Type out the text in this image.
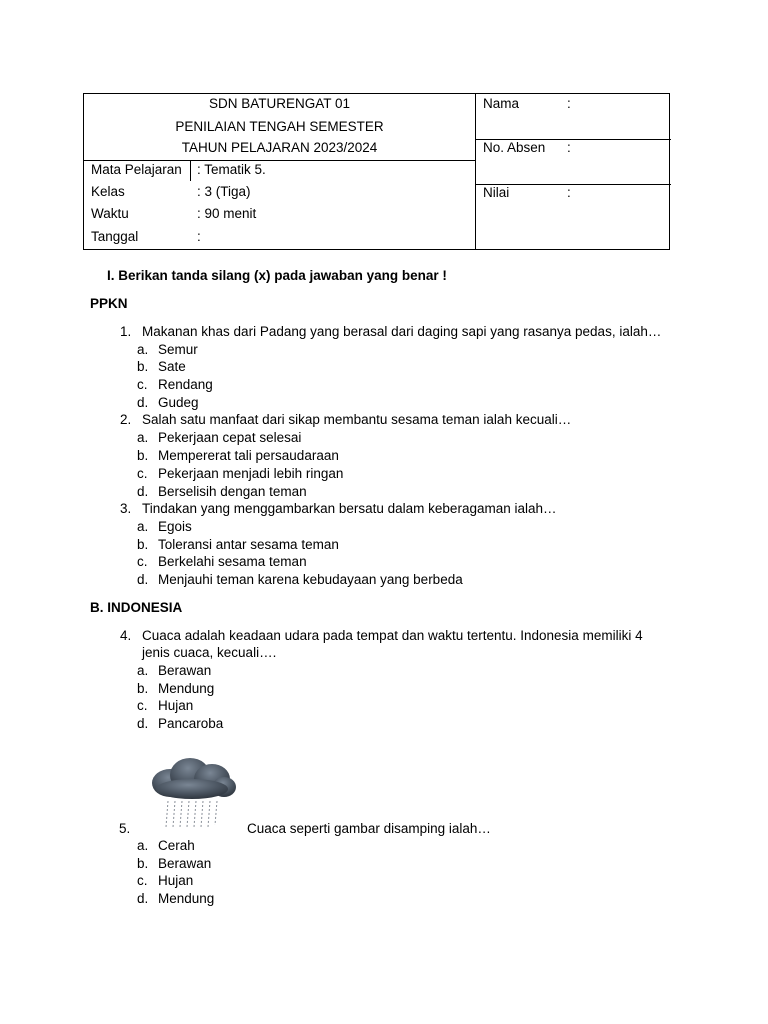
SDN BATURENGAT 01
PENILAIAN TENGAH SEMESTER
TAHUN PELAJARAN 2023/2024
Mata Pelajaran : Tematik 5.
Kelas	: 3 (Tiga)
Waktu	: 90 menit
Tanggal	:
Nama	:
No. Absen :
Nilai	:
I. Berikan tanda silang (x) pada jawaban yang benar !
PPKN
1. Makanan khas dari Padang yang berasal dari daging sapi yang rasanya pedas, ialah…
a. Semur
b. Sate
c. Rendang
d. Gudeg
2. Salah satu manfaat dari sikap membantu sesama teman ialah kecuali…
a. Pekerjaan cepat selesai
b. Mempererat tali persaudaraan
c. Pekerjaan menjadi lebih ringan
d. Berselisih dengan teman
3. Tindakan yang menggambarkan bersatu dalam keberagaman ialah…
a. Egois
b. Toleransi antar sesama teman
c. Berkelahi sesama teman
d. Menjauhi teman karena kebudayaan yang berbeda
B. INDONESIA
4. Cuaca adalah keadaan udara pada tempat dan waktu tertentu. Indonesia memiliki 4
jenis cuaca, kecuali….
a. Berawan
b. Mendung
c. Hujan
d. Pancaroba
5.	Cuaca seperti gambar disamping ialah…
a. Cerah
b. Berawan
c. Hujan
d. Mendung
